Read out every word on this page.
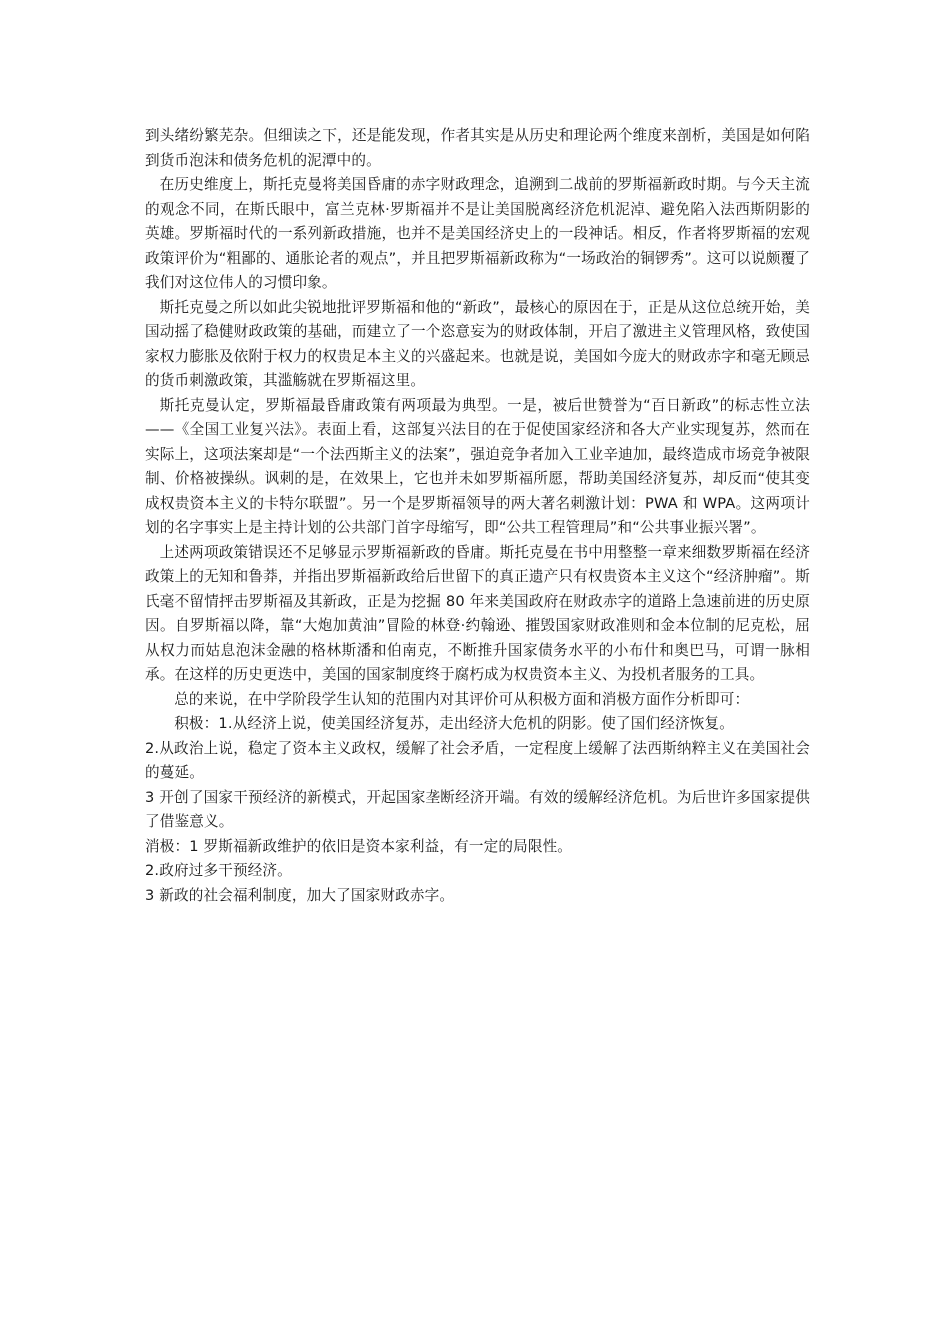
到头绪纷繁芜杂。但细读之下，还是能发现，作者其实是从历史和理论两个维度来剖析，美国是如何陷到货币泡沫和债务危机的泥潭中的。

在历史维度上，斯托克曼将美国昏庸的赤字财政理念，追溯到二战前的罗斯福新政时期。与今天主流的观念不同，在斯氏眼中，富兰克林·罗斯福并不是让美国脱离经济危机泥淖、避免陷入法西斯阴影的英雄。罗斯福时代的一系列新政措施，也并不是美国经济史上的一段神话。相反，作者将罗斯福的宏观政策评价为“粗鄙的、通胀论者的观点”，并且把罗斯福新政称为“一场政治的铜锣秀”。这可以说颇覆了我们对这位伟人的习惯印象。

斯托克曼之所以如此尖锐地批评罗斯福和他的“新政”，最核心的原因在于，正是从这位总统开始，美国动摇了稳健财政政策的基础，而建立了一个恣意妄为的财政体制，开启了激进主义管理风格，致使国家权力膨胀及依附于权力的权贵足本主义的兴盛起来。也就是说，美国如今庞大的财政赤字和毫无顾忌的货币刺激政策，其滥觞就在罗斯福这里。

斯托克曼认定，罗斯福最昏庸政策有两项最为典型。一是，被后世赞誉为“百日新政”的标志性立法——《全国工业复兴法》。表面上看，这部复兴法目的在于促使国家经济和各大产业实现复苏，然而在实际上，这项法案却是“一个法西斯主义的法案”，强迫竞争者加入工业辛迪加，最终造成市场竞争被限制、价格被操纵。讽刺的是，在效果上，它也并未如罗斯福所愿，帮助美国经济复苏，却反而“使其变成权贵资本主义的卡特尔联盟”。另一个是罗斯福领导的两大著名刺激计划：PWA 和 WPA。这两项计划的名字事实上是主持计划的公共部门首字母缩写，即“公共工程管理局”和“公共事业振兴署”。

上述两项政策错误还不足够显示罗斯福新政的昏庸。斯托克曼在书中用整整一章来细数罗斯福在经济政策上的无知和鲁莽，并指出罗斯福新政给后世留下的真正遗产只有权贵资本主义这个“经济肿瘤”。斯氏毫不留情抨击罗斯福及其新政，正是为挖掘 80 年来美国政府在财政赤字的道路上急速前进的历史原因。自罗斯福以降，靠“大炮加黄油”冒险的林登·约翰逊、摧毁国家财政准则和金本位制的尼克松，屈从权力而姑息泡沫金融的格林斯潘和伯南克，不断推升国家债务水平的小布什和奥巴马，可谓一脉相承。在这样的历史更迭中，美国的国家制度终于腐朽成为权贵资本主义、为投机者服务的工具。

总的来说，在中学阶段学生认知的范围内对其评价可从积极方面和消极方面作分析即可：

积极：1.从经济上说，使美国经济复苏，走出经济大危机的阴影。使了国们经济恢复。

2.从政治上说，稳定了资本主义政权，缓解了社会矛盾，一定程度上缓解了法西斯纳粹主义在美国社会的蔓延。

3 开创了国家干预经济的新模式，开起国家垄断经济开端。有效的缓解经济危机。为后世许多国家提供了借鉴意义。

消极：1 罗斯福新政维护的依旧是资本家利益，有一定的局限性。

2.政府过多干预经济。

3 新政的社会福利制度，加大了国家财政赤字。
